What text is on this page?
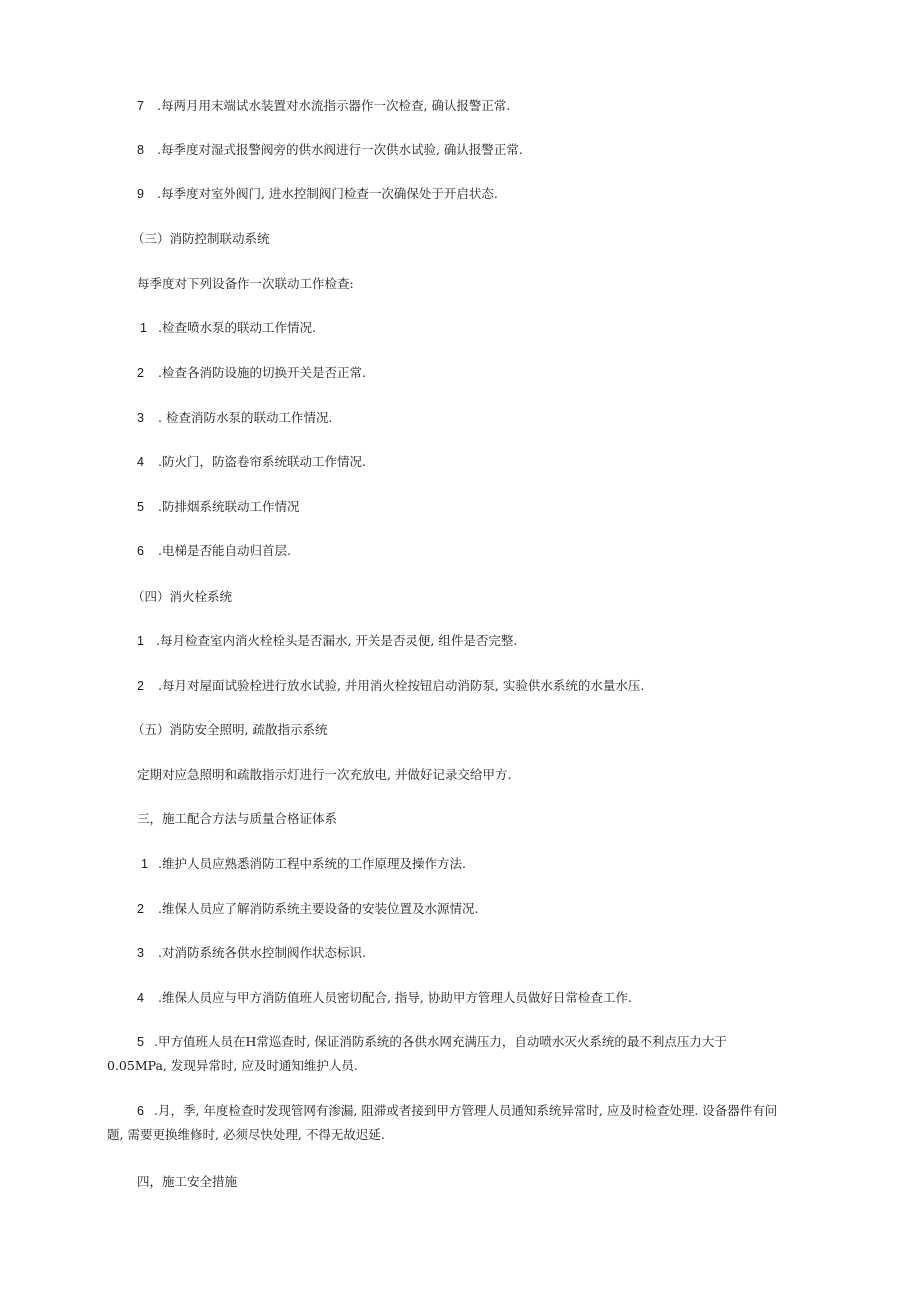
7 .每两月用末端试水装置对水流指示器作一次检查, 确认报警正常.
8 .每季度对湿式报警阀旁的供水阀进行一次供水试验, 确认报警正常.
9 .每季度对室外阀门, 进水控制阀门检查一次确保处于开启状态.
（三）消防控制联动系统
每季度对下列设备作一次联动工作检查:
1 .检查喷水泵的联动工作情况.
2 .检查各消防设施的切换开关是否正常.
3 . 检查消防水泵的联动工作情况.
4 .防火门，防盗卷帘系统联动工作情况.
5 .防排烟系统联动工作情况
6 .电梯是否能自动归首层.
（四）消火栓系统
1 .每月检查室内消火栓栓头是否漏水, 开关是否灵便, 组件是否完整.
2 .每月对屋面试验栓进行放水试验, 并用消火栓按钮启动消防泵, 实验供水系统的水量水压.
（五）消防安全照明, 疏散指示系统
定期对应急照明和疏散指示灯进行一次充放电, 并做好记录交给甲方.
三，施工配合方法与质量合格证体系
1 .维护人员应熟悉消防工程中系统的工作原理及操作方法.
2 .维保人员应了解消防系统主要设备的安装位置及水源情况.
3 .对消防系统各供水控制阀作状态标识.
4 .维保人员应与甲方消防值班人员密切配合, 指导, 协助甲方管理人员做好日常检查工作.
5 .甲方值班人员在H常巡查时, 保证消防系统的各供水网充满压力，自动喷水灭火系统的最不利点压力大于
0.05MPa, 发现异常时, 应及时通知维护人员.
6 .月，季, 年度检查时发现管网有渗漏, 阻滞或者接到甲方管理人员通知系统异常时, 应及时检查处理. 设备器件有问
题, 需要更换维修时, 必须尽快处理, 不得无故迟延.
四，施工安全措施
